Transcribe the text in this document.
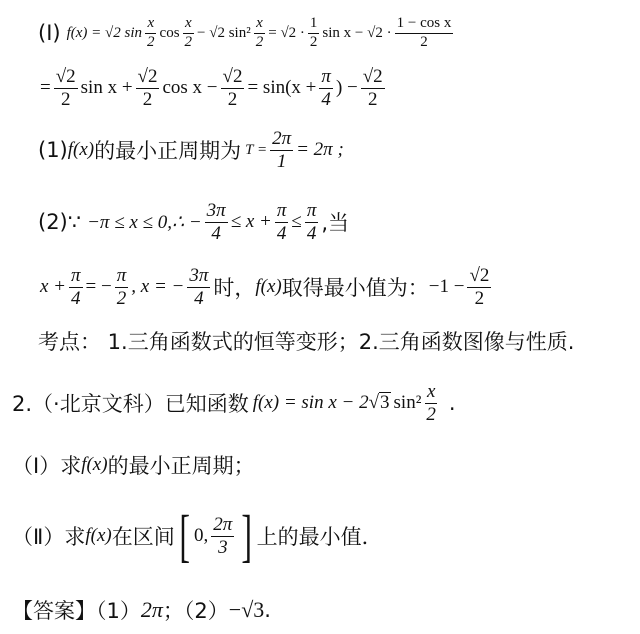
(Ⅰ) f(x) = √2 $\sin \frac{x}{2}$ $\cos \frac{x}{2} - √2$ $\sin^2 \frac{x}{2} = √2 \cdot \frac{1}{2}$ $\sin x - √2 \cdot \frac{\text{1 − cos x}}{2}$
= $\frac{√2}{2}$ $\sin x + \frac{√2}{2}$ $\cos x - \frac{√2}{2} = \sin(x + \frac{\pi}{4}$ ) − $\frac{√2}{2}$
(1) f(x) 的最小正周期为 $T = \frac{2\pi}{1} = 2\pi$ ;
(2)∵ −π ≤ x ≤ 0,∴ − $\frac{3\pi}{4} \le x + \frac{\pi}{4} \le \frac{\pi}{4}$ ,当
$x + \frac{\pi}{4}$ = − $\frac{\pi}{2}$ , x = − $\frac{3\pi}{4}$ 时， f(x) 取得最小值为： $-1 - \frac{√2}{2}$
考点： 1.三角函数式的恒等变形；2.三角函数图像与性质.
2.（·北京文科）已知函数 f(x) = sin x − 2 √ 3 $\sin^2 \frac{x}{2}$ .
（Ⅰ）求 f(x) 的最小正周期；
（Ⅱ）求 f(x) 在区间 [ 0, $\frac{2\pi}{3}$ ] 上的最小值．
【答案】（1） 2π ；（2） −√3 .
